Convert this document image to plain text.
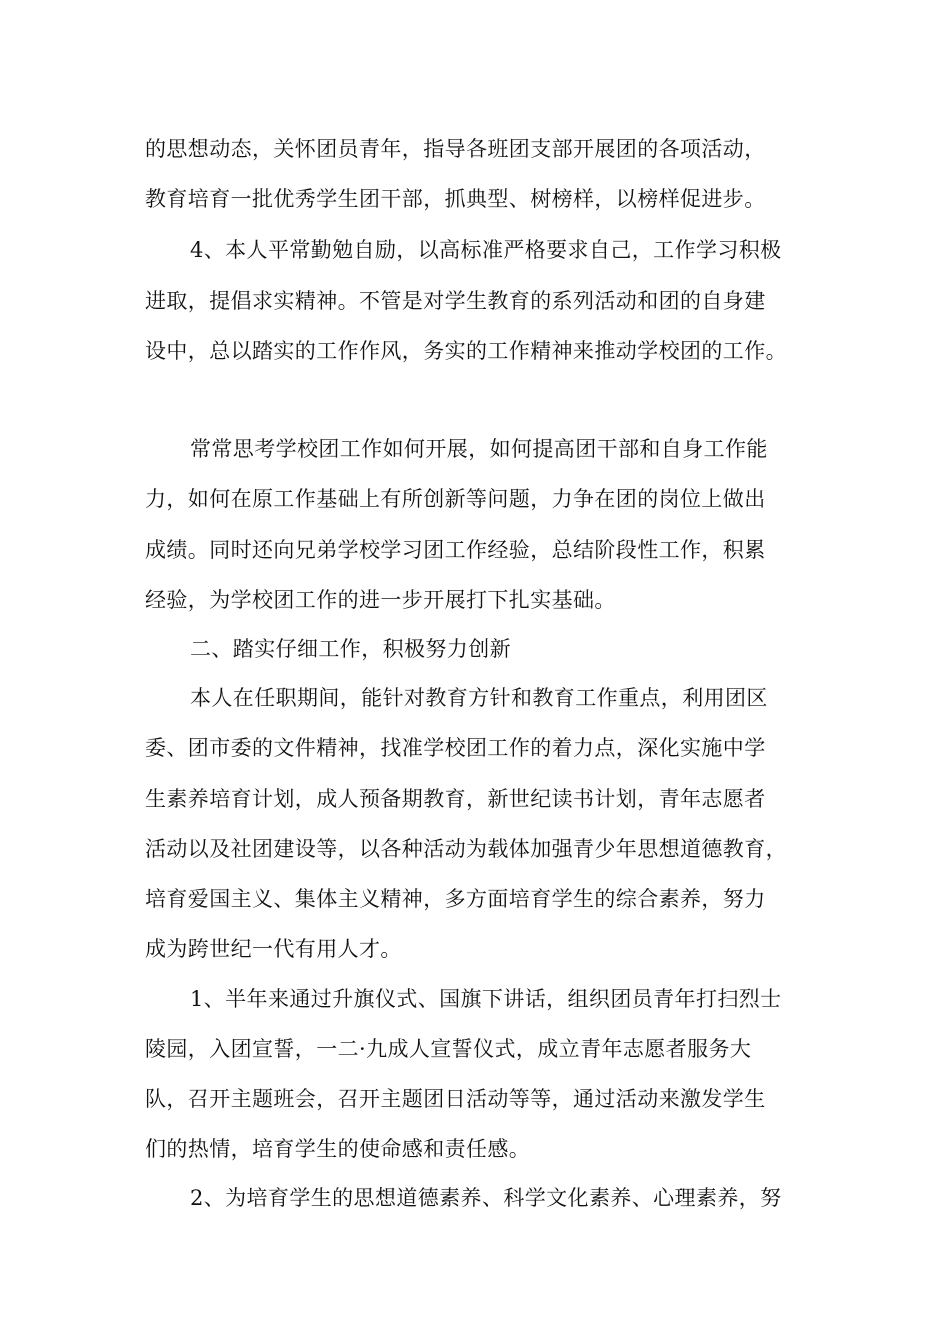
的思想动态，关怀团员青年，指导各班团支部开展团的各项活动，
教育培育一批优秀学生团干部，抓典型、树榜样，以榜样促进步。
4、本人平常勤勉自励，以高标准严格要求自己，工作学习积极
进取，提倡求实精神。不管是对学生教育的系列活动和团的自身建
设中，总以踏实的工作作风，务实的工作精神来推动学校团的工作。
常常思考学校团工作如何开展，如何提高团干部和自身工作能
力，如何在原工作基础上有所创新等问题，力争在团的岗位上做出
成绩。同时还向兄弟学校学习团工作经验，总结阶段性工作，积累
经验，为学校团工作的进一步开展打下扎实基础。
二、踏实仔细工作，积极努力创新
本人在任职期间，能针对教育方针和教育工作重点，利用团区
委、团市委的文件精神，找准学校团工作的着力点，深化实施中学
生素养培育计划，成人预备期教育，新世纪读书计划，青年志愿者
活动以及社团建设等，以各种活动为载体加强青少年思想道德教育，
培育爱国主义、集体主义精神，多方面培育学生的综合素养，努力
成为跨世纪一代有用人才。
1、半年来通过升旗仪式、国旗下讲话，组织团员青年打扫烈士
陵园，入团宣誓，一二·九成人宣誓仪式，成立青年志愿者服务大
队，召开主题班会，召开主题团日活动等等，通过活动来激发学生
们的热情，培育学生的使命感和责任感。
2、为培育学生的思想道德素养、科学文化素养、心理素养，努
